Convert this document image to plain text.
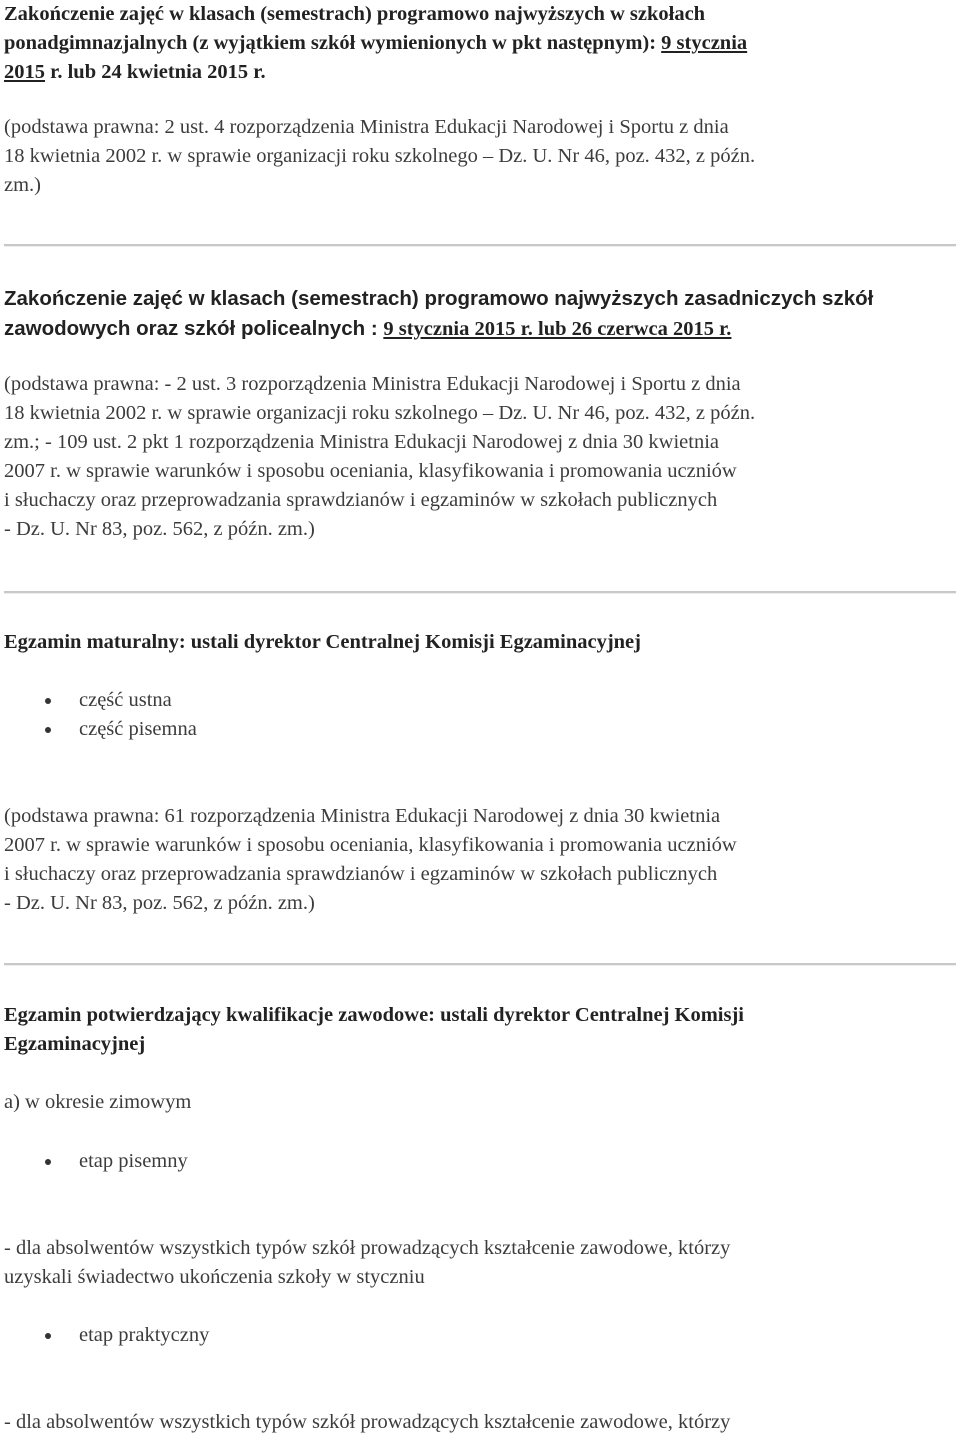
Zakończenie zajęć w klasach (semestrach) programowo najwyższych w szkołach
ponadgimnazjalnych (z wyjątkiem szkół wymienionych w pkt następnym): 9 stycznia
2015 r. lub 24 kwietnia 2015 r.
(podstawa prawna: 2 ust. 4 rozporządzenia Ministra Edukacji Narodowej i Sportu z dnia
18 kwietnia 2002 r. w sprawie organizacji roku szkolnego – Dz. U. Nr 46, poz. 432, z późn.
zm.)
Zakończenie zajęć w klasach (semestrach) programowo najwyższych zasadniczych szkół
zawodowych oraz szkół policealnych : 9 stycznia 2015 r. lub 26 czerwca 2015 r.
(podstawa prawna: - 2 ust. 3 rozporządzenia Ministra Edukacji Narodowej i Sportu z dnia
18 kwietnia 2002 r. w sprawie organizacji roku szkolnego – Dz. U. Nr 46, poz. 432, z późn.
zm.; - 109 ust. 2 pkt 1 rozporządzenia Ministra Edukacji Narodowej z dnia 30 kwietnia
2007 r. w sprawie warunków i sposobu oceniania, klasyfikowania i promowania uczniów
i słuchaczy oraz przeprowadzania sprawdzianów i egzaminów w szkołach publicznych
- Dz. U. Nr 83, poz. 562, z późn. zm.)
Egzamin maturalny: ustali dyrektor Centralnej Komisji Egzaminacyjnej
część ustna
część pisemna
(podstawa prawna: 61 rozporządzenia Ministra Edukacji Narodowej z dnia 30 kwietnia
2007 r. w sprawie warunków i sposobu oceniania, klasyfikowania i promowania uczniów
i słuchaczy oraz przeprowadzania sprawdzianów i egzaminów w szkołach publicznych
- Dz. U. Nr 83, poz. 562, z późn. zm.)
Egzamin potwierdzający kwalifikacje zawodowe: ustali dyrektor Centralnej Komisji
Egzaminacyjnej
a) w okresie zimowym
etap pisemny
- dla absolwentów wszystkich typów szkół prowadzących kształcenie zawodowe, którzy
uzyskali świadectwo ukończenia szkoły w styczniu
etap praktyczny
- dla absolwentów wszystkich typów szkół prowadzących kształcenie zawodowe, którzy
